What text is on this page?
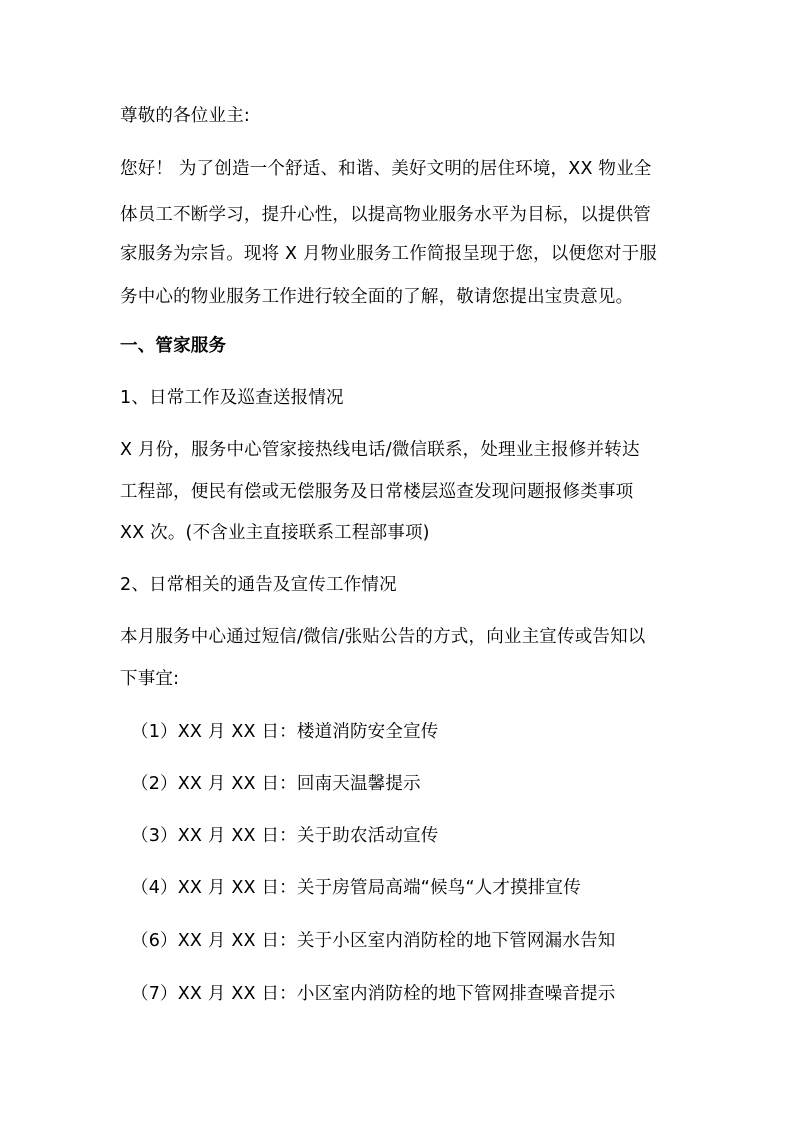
尊敬的各位业主:
您好！ 为了创造一个舒适、和谐、美好文明的居住环境，XX 物业全
体员工不断学习，提升心性，以提高物业服务水平为目标，以提供管
家服务为宗旨。现将 X 月物业服务工作简报呈现于您，以便您对于服
务中心的物业服务工作进行较全面的了解，敬请您提出宝贵意见。
一、管家服务
1、日常工作及巡查送报情况
X 月份，服务中心管家接热线电话/微信联系，处理业主报修并转达
工程部，便民有偿或无偿服务及日常楼层巡查发现问题报修类事项
XX 次。(不含业主直接联系工程部事项)
2、日常相关的通告及宣传工作情况
本月服务中心通过短信/微信/张贴公告的方式，向业主宣传或告知以
下事宜:
（1）XX 月 XX 日：楼道消防安全宣传
（2）XX 月 XX 日：回南天温馨提示
（3）XX 月 XX 日：关于助农活动宣传
（4）XX 月 XX 日：关于房管局高端“候鸟“人才摸排宣传
（6）XX 月 XX 日：关于小区室内消防栓的地下管网漏水告知
（7）XX 月 XX 日：小区室内消防栓的地下管网排查噪音提示
